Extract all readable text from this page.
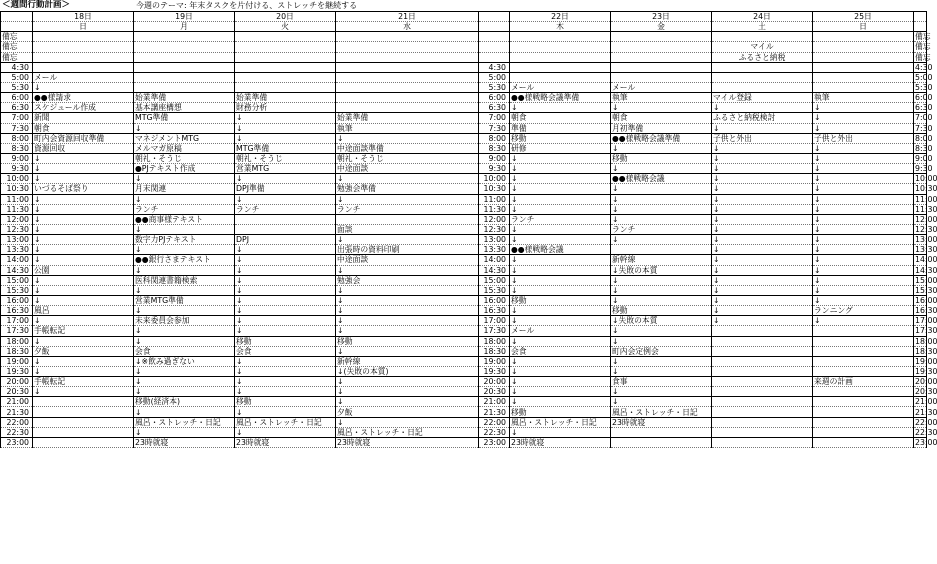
＜週間行動計画＞	今週のテーマ: 年末タスクを片付ける、ストレッチを継続する
	18日	19日	20日	21日		22日	23日	24日	25日	
	日	月	火	水		木	金	土	日	
備忘										備忘
備忘								マイル		備忘
備忘								ふるさと納税		備忘
4:30					4:30					4:30
5:00	メール				5:00					5:00
5:30	↓				5:30	メール	メール			5:30
6:00	●●様請求	始業準備	始業準備		6:00	●●様戦略会議準備	執筆	マイル登録	執筆	6:00
6:30	スケジュール作成	基本講座構想	財務分析		6:30	↓	↓	↓	↓	6:30
7:00	新聞	MTG準備	↓	始業準備	7:00	朝食	朝食	ふるさと納税検討	↓	7:00
7:30	朝食	↓	↓	執筆	7:30	準備	月初準備	↓	↓	7:30
8:00	町内会資源回収準備	マネジメントMTG	↓	↓	8:00	移動	●●様戦略会議準備	子供と外出	子供と外出	8:00
8:30	資源回収	メルマガ原稿	MTG準備	中途面談準備	8:30	研修	↓	↓	↓	8:30
9:00	↓	朝礼・そうじ	朝礼・そうじ	朝礼・そうじ	9:00	↓	移動	↓	↓	9:00
9:30	↓	●PJテキスト作成	営業MTG	中途面談	9:30	↓	↓	↓	↓	9:30
10:00	↓	↓	↓	↓	10:00	↓	●●様戦略会議	↓	↓	10:00
10:30	いづるそば祭り	月末関連	DPJ準備	勉強会準備	10:30	↓	↓	↓	↓	10:30
11:00	↓	↓	↓	↓	11:00	↓	↓	↓	↓	11:00
11:30	↓	ランチ	ランチ	ランチ	11:30	↓	↓	↓	↓	11:30
12:00	↓	●●商事様テキスト			12:00	ランチ	↓	↓	↓	12:00
12:30	↓	↓		面談	12:30	↓	ランチ	↓	↓	12:30
13:00	↓	数字力PJテキスト	DPJ	↓	13:00	↓	↓	↓	↓	13:00
13:30	↓	↓	↓	出張時の資料印刷	13:30	●●様戦略会議		↓	↓	13:30
14:00	↓	●●銀行さまテキスト	↓	中途面談	14:00	↓	新幹線	↓	↓	14:00
14:30	公園	↓	↓	↓	14:30	↓	↓失敗の本質	↓	↓	14:30
15:00	↓	医科関連書籍検索	↓	勉強会	15:00	↓	↓	↓	↓	15:00
15:30	↓	↓	↓	↓	15:30	↓	↓	↓	↓	15:30
16:00	↓	営業MTG準備	↓	↓	16:00	移動	↓	↓	↓	16:00
16:30	風呂	↓	↓	↓	16:30	↓	移動	↓	ランニング	16:30
17:00	↓	未来委員会参加	↓	↓	17:00	↓	↓失敗の本質	↓	↓	17:00
17:30	手帳転記	↓	↓	↓	17:30	メール	↓			17:30
18:00	↓	↓	移動	移動	18:00	↓	↓			18:00
18:30	夕飯	会食	会食	↓	18:30	会食	町内会定例会			18:30
19:00	↓	↓※飲み過ぎない	↓	新幹線	19:00	↓	↓			19:00
19:30	↓	↓	↓	↓(失敗の本質)	19:30	↓	↓			19:30
20:00	手帳転記	↓	↓	↓	20:00	↓	食事		来週の計画	20:00
20:30	↓	↓	↓	↓	20:30	↓	↓			20:30
21:00		移動(経済本)	移動	↓	21:00	↓	↓			21:00
21:30		↓	↓	夕飯	21:30	移動	風呂・ストレッチ・日記			21:30
22:00		風呂・ストレッチ・日記	風呂・ストレッチ・日記	↓	22:00	風呂・ストレッチ・日記	23時就寝			22:00
22:30		↓	↓	風呂・ストレッチ・日記	22:30	↓				22:30
23:00		23時就寝	23時就寝	23時就寝	23:00	23時就寝				23:00
